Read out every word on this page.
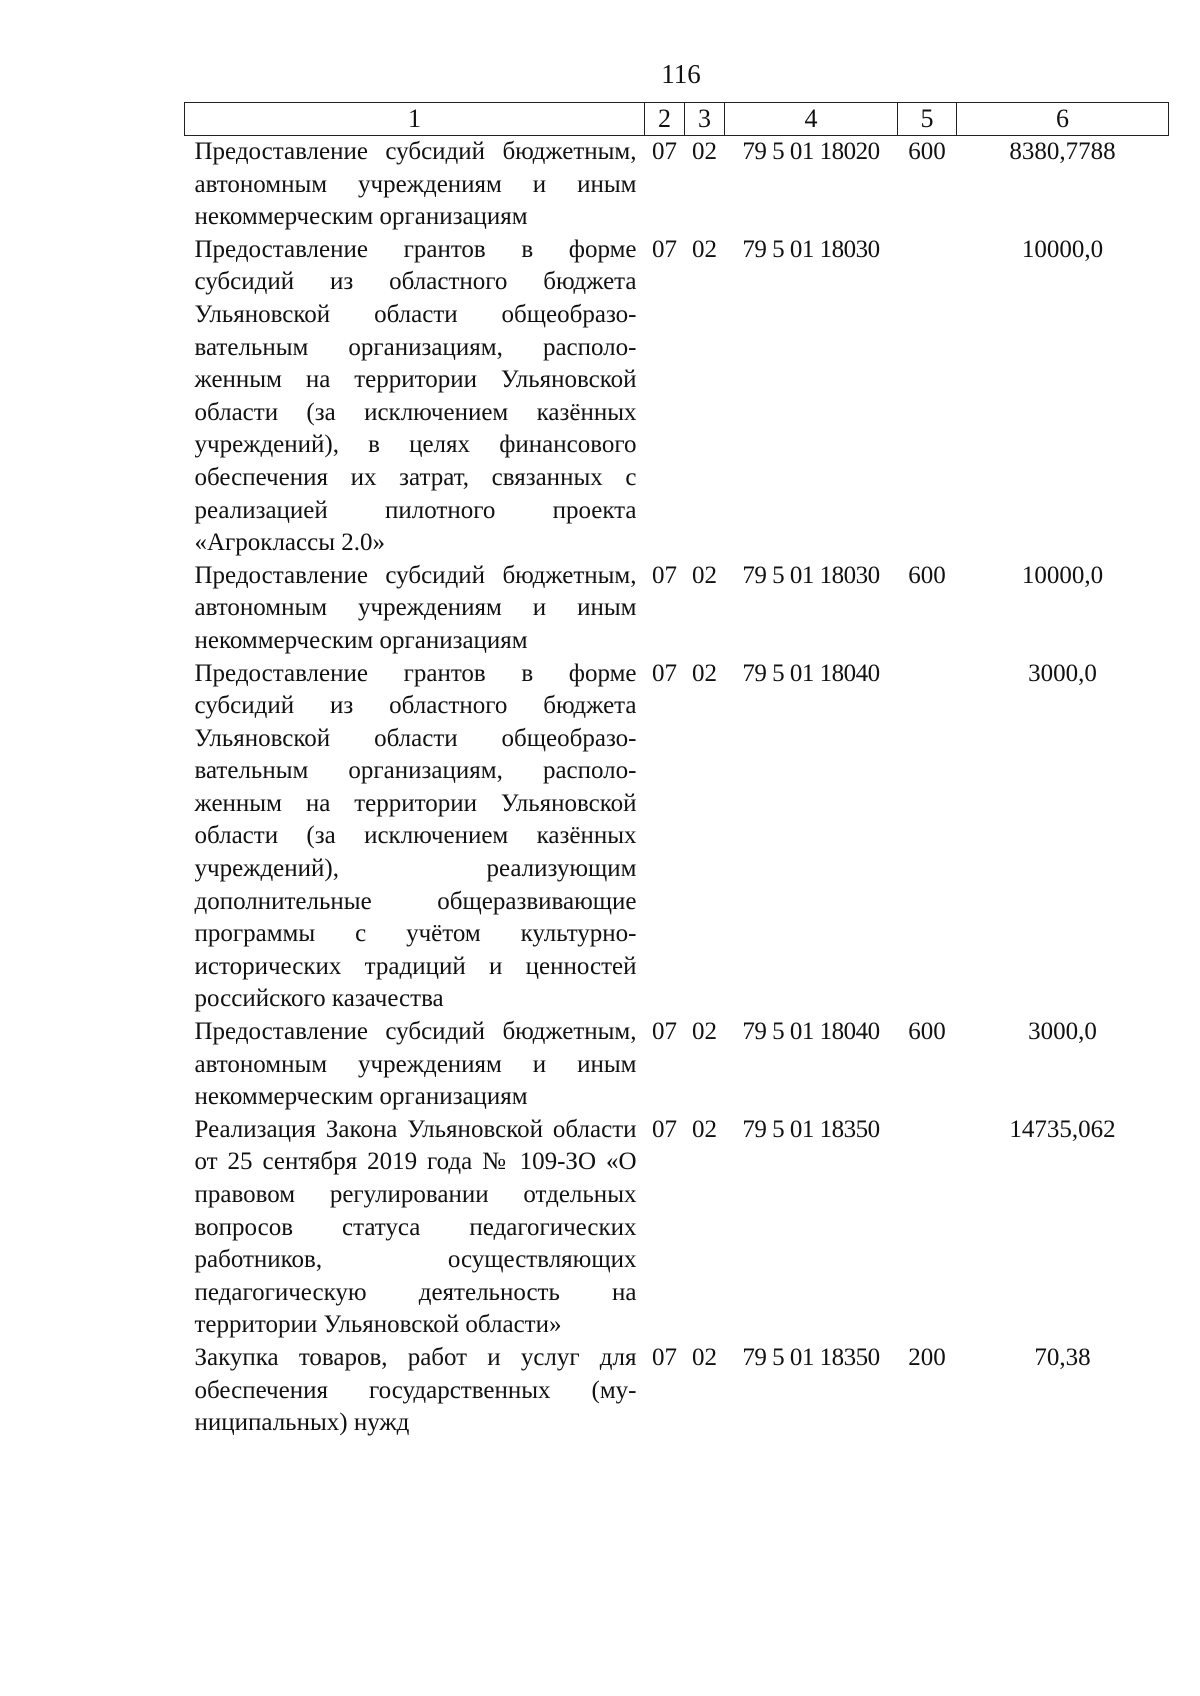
116
1	2	3	4	5	6
Предоставление субсидий бюджетным, автономным учреждениям и иным некоммерческим организациям	07	02	79 5 01 18020	600	8380,7788
Предоставление грантов в форме субсидий из областного бюджета Ульяновской области общеобразовательным организациям, расположенным на территории Ульяновской области (за исключением казённых учреждений), в целях финансового обеспечения их затрат, связанных с реализацией пилотного проекта «Агроклассы 2.0»	07	02	79 5 01 18030		10000,0
Предоставление субсидий бюджетным, автономным учреждениям и иным некоммерческим организациям	07	02	79 5 01 18030	600	10000,0
Предоставление грантов в форме субсидий из областного бюджета Ульяновской области общеобразовательным организациям, расположенным на территории Ульяновской области (за исключением казённых учреждений), реализующим дополнительные общеразвивающие программы с учётом культурно-исторических традиций и ценностей российского казачества	07	02	79 5 01 18040		3000,0
Предоставление субсидий бюджетным, автономным учреждениям и иным некоммерческим организациям	07	02	79 5 01 18040	600	3000,0
Реализация Закона Ульяновской области от 25 сентября 2019 года № 109-ЗО «О правовом регулировании отдельных вопросов статуса педагогических работников, осуществляющих педагогическую деятельность на территории Ульяновской области»	07	02	79 5 01 18350		14735,062
Закупка товаров, работ и услуг для обеспечения государственных (муниципальных) нужд	07	02	79 5 01 18350	200	70,38
